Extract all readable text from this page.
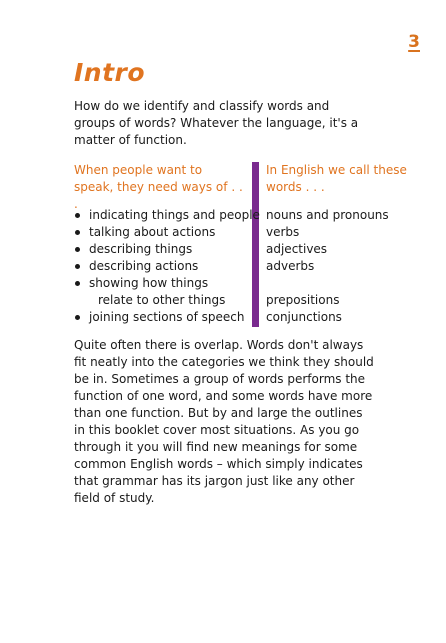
3
Intro

How do we identify and classify words and groups of words? Whatever the language, it's a matter of function.

When people want to speak, they need ways of . . .

In English we call these words . . .

indicating things and people
talking about actions
describing things
describing actions
showing how things
relate to other things
joining sections of speech
nouns and pronouns
verbs
adjectives
adverbs
prepositions
conjunctions

Quite often there is overlap. Words don't always fit neatly into the categories we think they should be in. Sometimes a group of words performs the function of one word, and some words have more than one function. But by and large the outlines in this booklet cover most situations. As you go through it you will find new meanings for some common English words – which simply indicates that grammar has its jargon just like any other field of study.
